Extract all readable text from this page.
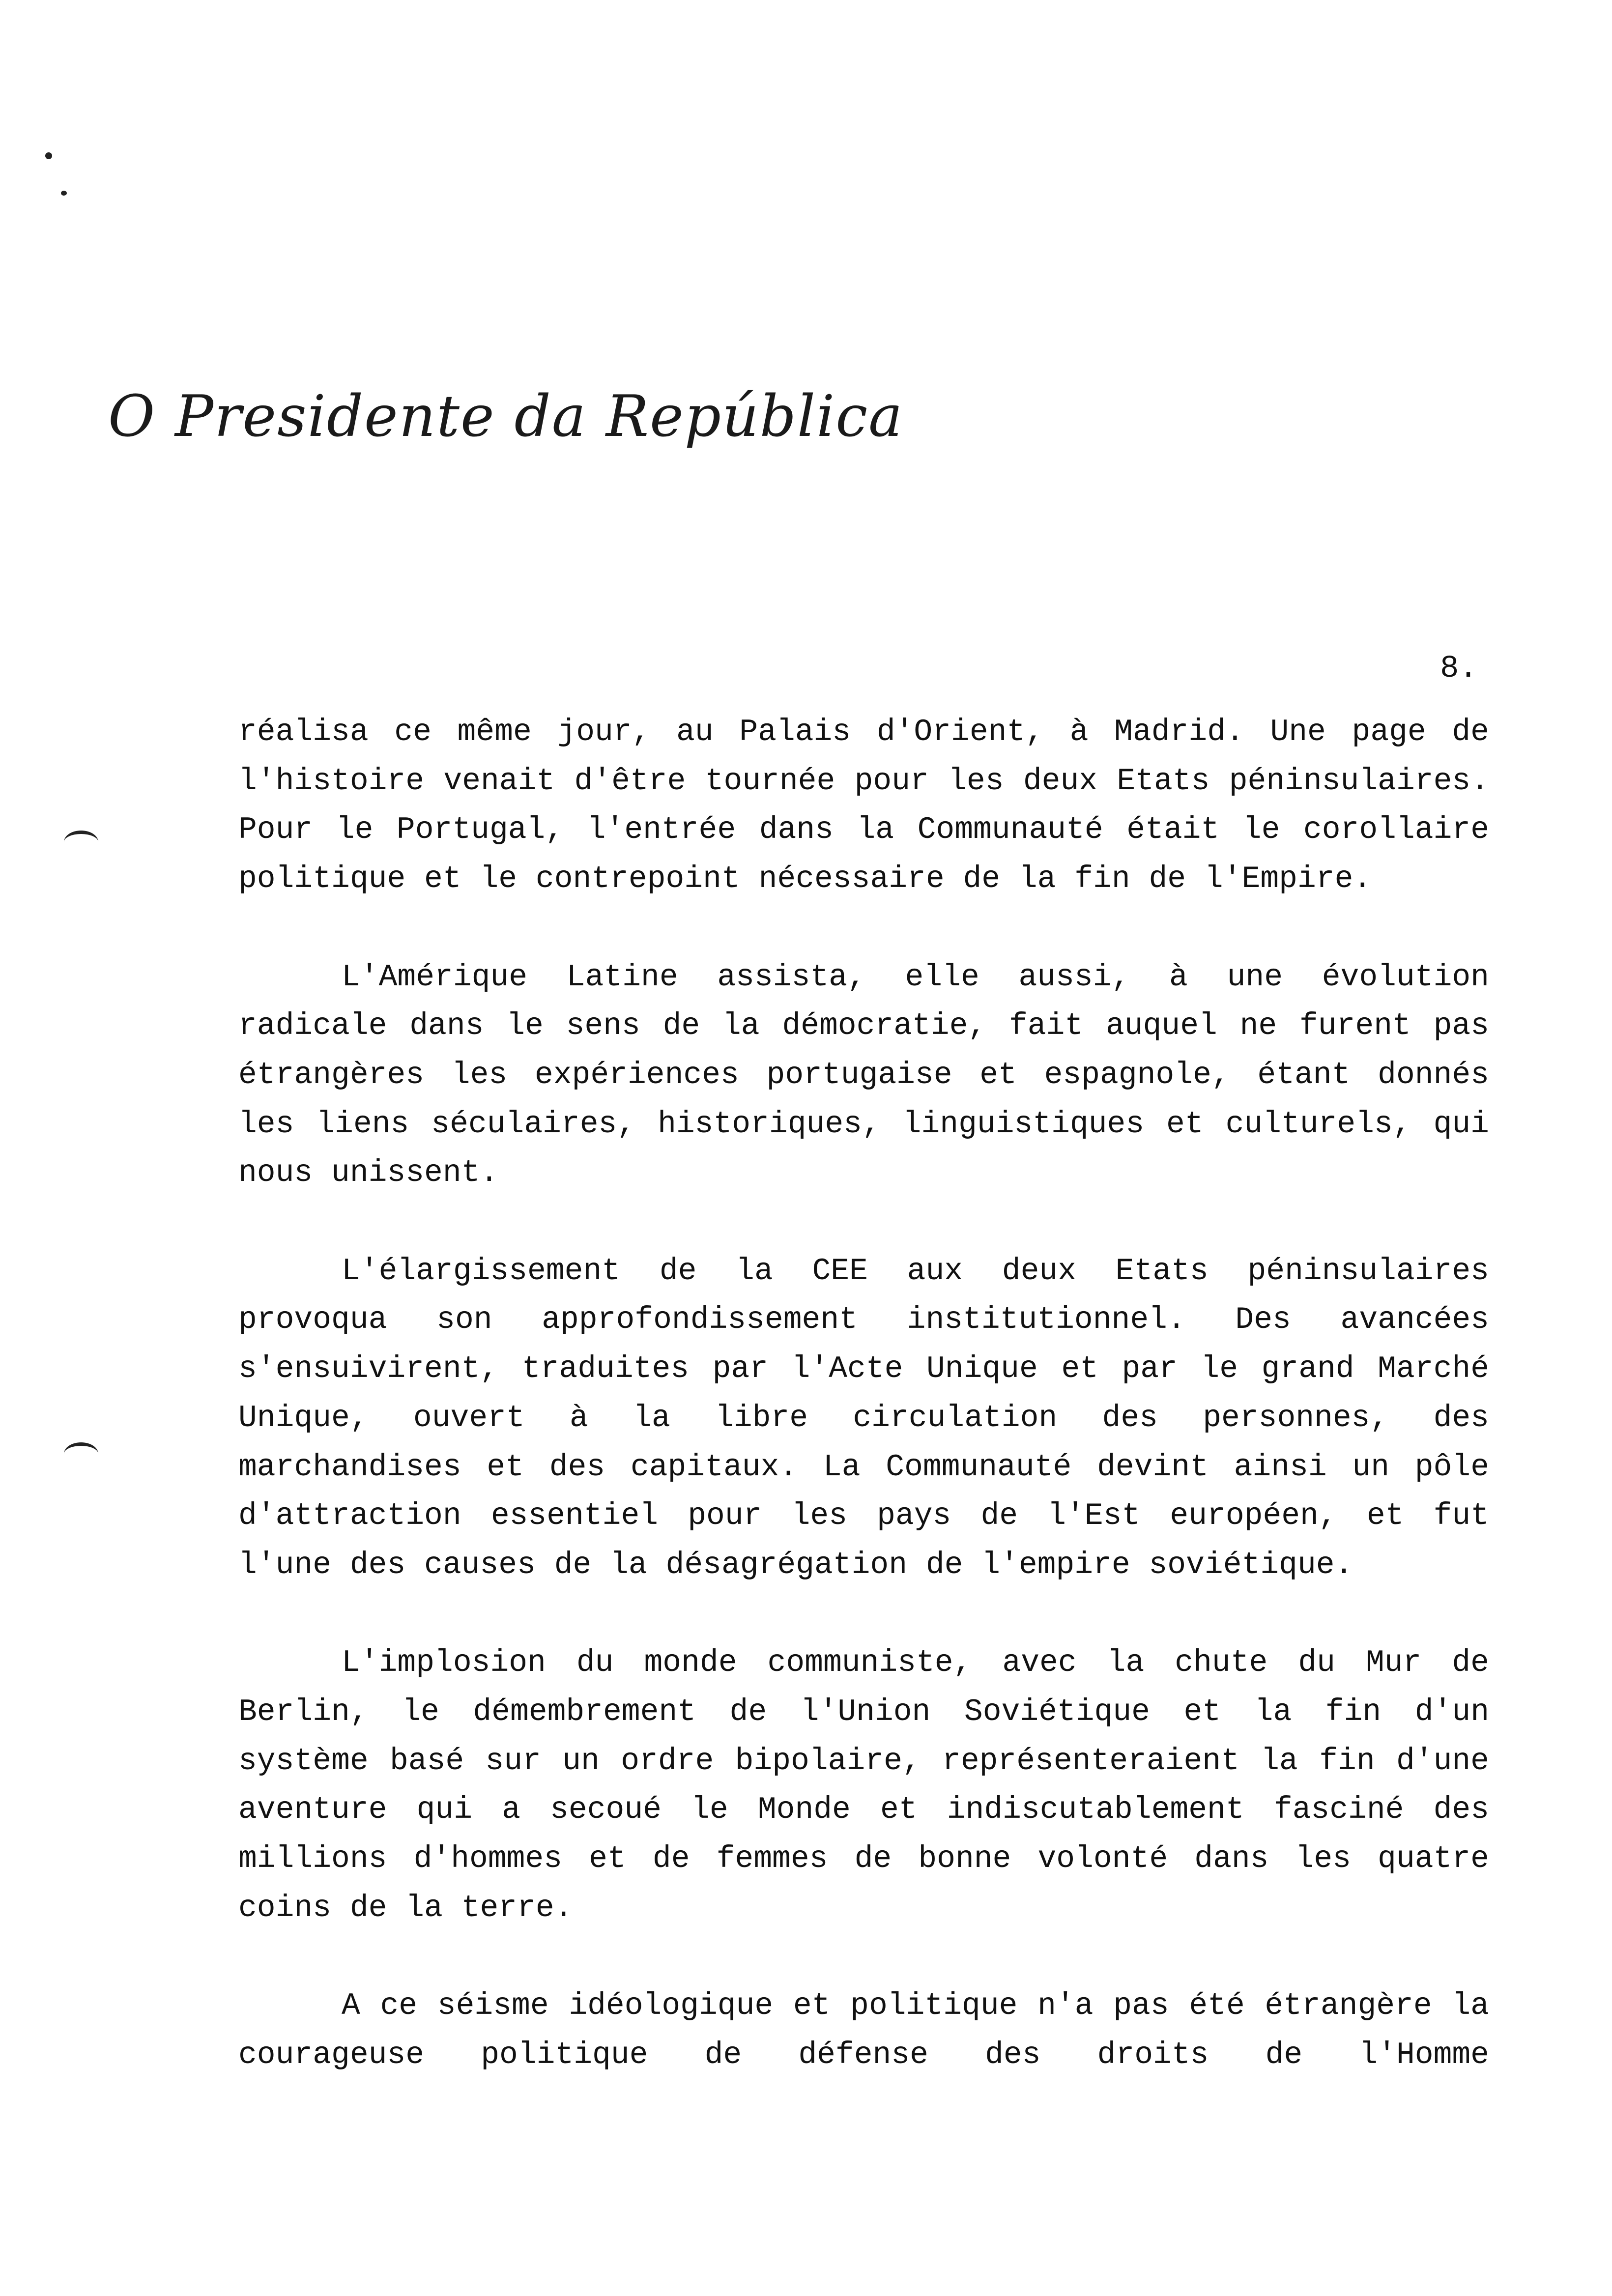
O Presidente da República
8.

réalisa ce même jour, au Palais d'Orient, à Madrid. Une page de l'histoire venait d'être tournée pour les deux Etats péninsulaires. Pour le Portugal, l'entrée dans la Communauté était le corollaire politique et le contrepoint nécessaire de la fin de l'Empire.

L'Amérique Latine assista, elle aussi, à une évolution radicale dans le sens de la démocratie, fait auquel ne furent pas étrangères les expériences portugaise et espagnole, étant donnés les liens séculaires, historiques, linguistiques et culturels, qui nous unissent.

L'élargissement de la CEE aux deux Etats péninsulaires provoqua son approfondissement institutionnel. Des avancées s'ensuivirent, traduites par l'Acte Unique et par le grand Marché Unique, ouvert à la libre circulation des personnes, des marchandises et des capitaux. La Communauté devint ainsi un pôle d'attraction essentiel pour les pays de l'Est européen, et fut l'une des causes de la désagrégation de l'empire soviétique.

L'implosion du monde communiste, avec la chute du Mur de Berlin, le démembrement de l'Union Soviétique et la fin d'un système basé sur un ordre bipolaire, représenteraient la fin d'une aventure qui a secoué le Monde et indiscutablement fasciné des millions d'hommes et de femmes de bonne volonté dans les quatre coins de la terre.

A ce séisme idéologique et politique n'a pas été étrangère la courageuse politique de défense des droits de l'Homme
